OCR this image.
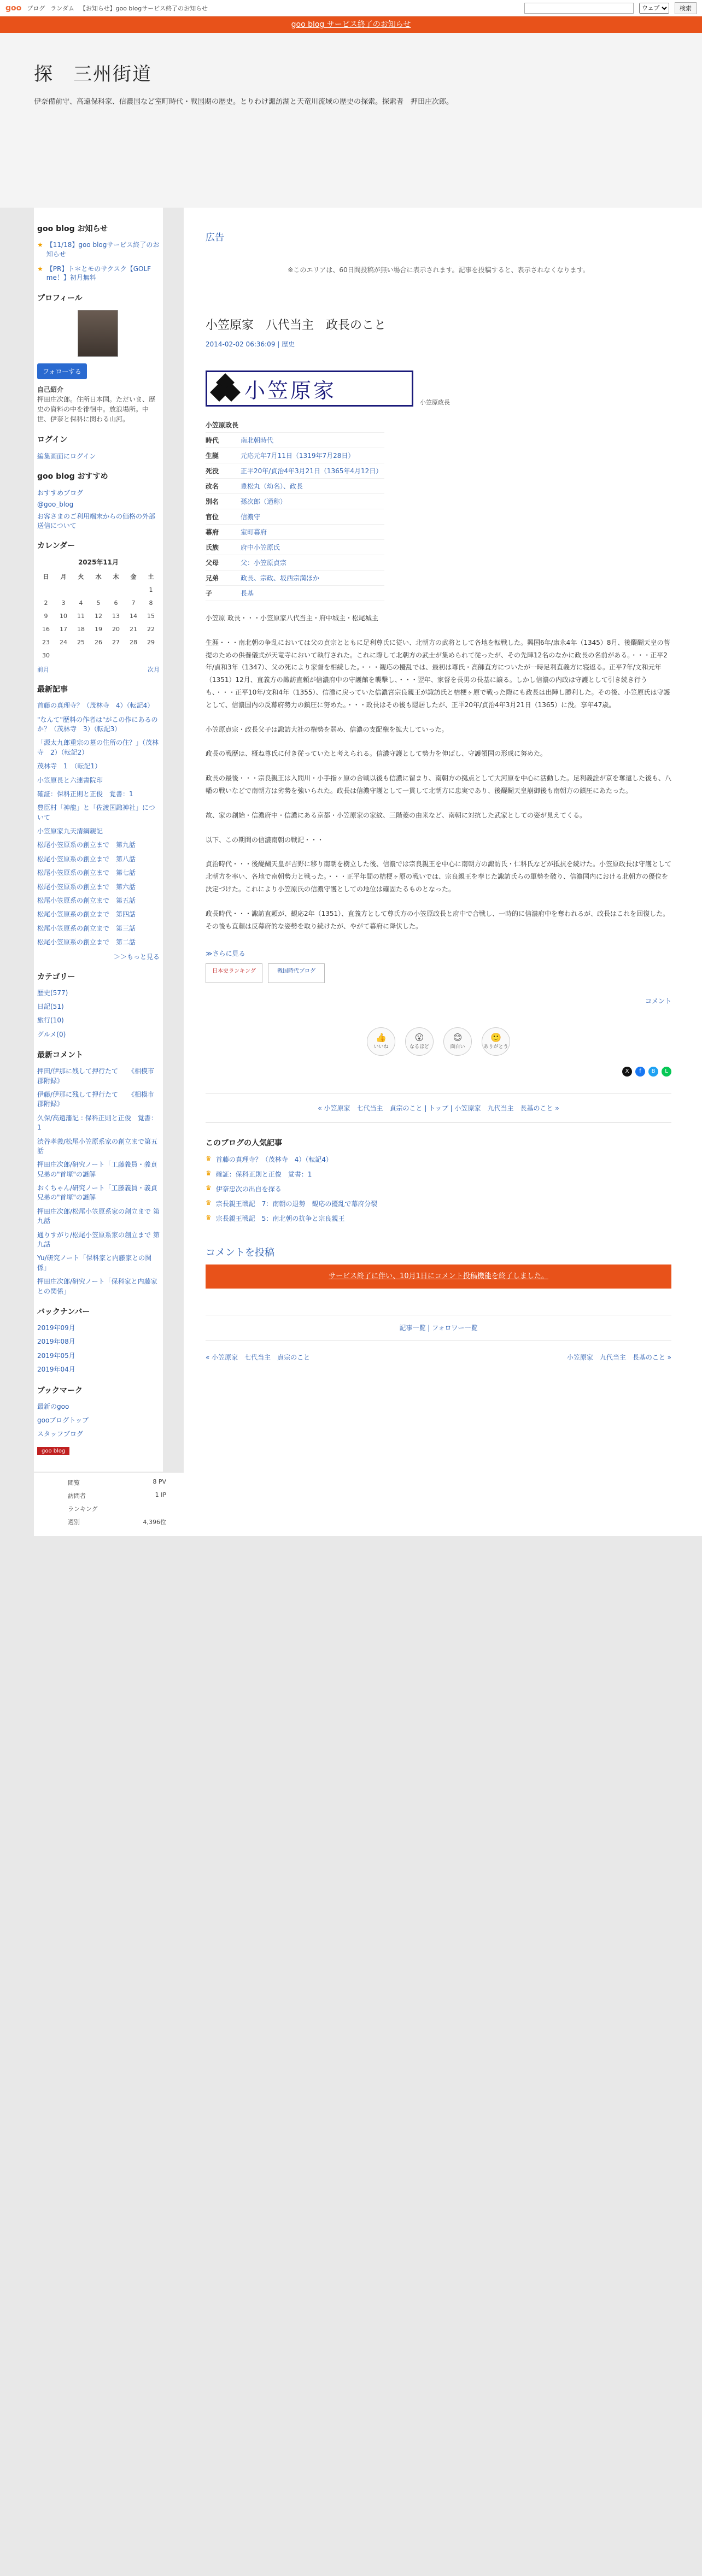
goo ブログ ランダム 【お知らせ】goo blogサービス終了のお知らせ
ウェブ	検索
goo blog サービス終了のお知らせ
探　三州街道

伊奈備前守、高遠保科家、信濃国など室町時代・戦国期の歴史。とりわけ諏訪湖と天竜川流域の歴史の探索。探索者　押田庄次郎。

goo blog お知らせ
★ 【11/18】goo blogサービス終了のお知らせ
★ 【PR】ト＊とモのサクスク【GOLF me！】初月無料
プロフィール
フォローする
自己紹介
押田庄次郎。住所日本国。ただいま、歴史の資料の中を徘徊中。放浪場所。中世、伊奈と保科に関わる山河。
ログイン
編集画面にログイン
goo blog おすすめ
おすすめブログ
@goo_blog
お客さまのご利用端末からの価格の外部送信について
カレンダー
2025年11月
日	月	火	水	木	金	土
						1
2	3	4	5	6	7	8
9	10	11	12	13	14	15
16	17	18	19	20	21	22
23	24	25	26	27	28	29
30						
前月	次月
最新記事
首藤の真理寺？（茂林寺　4）（転記4）
"なんて"歴料の作者は"がこの作にあるのか？（茂林寺　3）（転記3）
「源太九郎重宗の墓の住所の住？」（茂林寺　2）（転記2）
茂林寺　1　（転記1）
小笠原長と六連書院印
確証：保科正則と正俊　覚書：1
豊臣村「神龍」と「佐渡国諏神社」について
小笠原家九天清綱親記
松尾小笠原系の創立まで　第九話
松尾小笠原系の創立まで　第八話
松尾小笠原系の創立まで　第七話
松尾小笠原系の創立まで　第六話
松尾小笠原系の創立まで　第五話
松尾小笠原系の創立まで　第四話
松尾小笠原系の創立まで　第三話
松尾小笠原系の創立まで　第二話
＞＞もっと見る
カテゴリー
歴史(577)
日記(51)
旅行(10)
グルメ(0)
最新コメント
押田/伊那に残して押行たて　　《相模市郡附録》
伊藤/伊那に残して押行たて　　《相模市郡附録》
久保/高遠藩記 : 保科正則と正俊　覚書：1
渋谷孝義/松尾小笠原系家の創立まで第五話
押田庄次郎/研究ノート「工藤義員・義貞兄弟の"首塚"の謎解
おくちゃん/研究ノート「工藤義員・義貞兄弟の"首塚"の謎解
押田庄次郎/松尾小笠原系家の創立まで 第九話
通りすがり/松尾小笠原系家の創立まで 第九話
Yu/研究ノート「保科家と内藤家との関係」
押田庄次郎/研究ノート「保科家と内藤家との関係」
バックナンバー
2019年09月
2019年08月
2019年05月
2019年04月
ブックマーク
最新のgoo
gooブログトップ
スタッフブログ
goo blog
閲覧	8 PV
訪問者	1 IP
ランキング
週別	4,396位
広告
※このエリアは、60日間投稿が無い場合に表示されます。記事を投稿すると、表示されなくなります。
小笠原家　八代当主　政長のこと
2014-02-02 06:36:09 | 歴史
小笠原家	小笠原政長
小笠原政長	
時代	南北朝時代
生誕	元応元年7月11日（1319年7月28日）
死没	正平20年/貞治4年3月21日（1365年4月12日）
改名	豊松丸（幼名）、政長
別名	孫次郎（通称）
官位	信濃守
幕府	室町幕府
氏族	府中小笠原氏
父母	父：小笠原貞宗
兄弟	政長、宗政、坂西宗満ほか
子	長基

小笠原 政長・・・小笠原家八代当主・府中城主・松尾城主

生涯・・・南北朝の争乱においては父の貞宗とともに足利尊氏に従い、北朝方の武将として各地を転戦した。興国6年/康永4年（1345）8月、後醍醐天皇の菩提のための供養儀式が天竜寺において執行された。これに際して北朝方の武士が集められて従ったが、その先陣12名のなかに政長の名前がある。・・・正平2年/貞和3年（1347）、父の死により家督を相続した。・・・観応の擾乱では、最初は尊氏・高師直方についたが一時足利直義方に寝返る。正平7年/文和元年（1351）12月、直義方の諏訪直頼が信濃府中の守護館を襲撃し、・・・翌年、家督を長男の長基に譲る。しかし信濃の内政は守護として引き続き行うも、・・・正平10年/文和4年（1355）、信濃に戻っていた信濃宮宗良親王が諏訪氏と桔梗ヶ原で戦った際にも政長は出陣し勝利した。その後、小笠原氏は守護として、信濃国内の反幕府勢力の鎮圧に努めた。・・・政長はその後も隠居したが、正平20年/貞治4年3月21日（1365）に没。享年47歳。

小笠原貞宗・政長父子は諏訪大社の権勢を弱め、信濃の支配権を拡大していった。

政長の戦歴は、概ね尊氏に付き従っていたと考えられる。信濃守護として勢力を伸ばし、守護領国の形成に努めた。

政長の最後・・・宗良親王は入間川・小手指ヶ原の合戦以後も信濃に留まり、南朝方の拠点として大河原を中心に活動した。足利義詮が京を奪還した後も、八幡の戦いなどで南朝方は劣勢を強いられた。政長は信濃守護として一貫して北朝方に忠実であり、後醍醐天皇崩御後も南朝方の鎮圧にあたった。

故、家の創始・信濃府中・信濃にある京都・小笠原家の家紋、三階菱の由来など、南朝に対抗した武家としての姿が見えてくる。

以下、この期間の信濃南朝の戦記・・・

貞治時代・・・後醍醐天皇が吉野に移り南朝を樹立した後、信濃では宗良親王を中心に南朝方の諏訪氏・仁科氏などが抵抗を続けた。小笠原政長は守護として北朝方を率い、各地で南朝勢力と戦った。・・・正平年間の桔梗ヶ原の戦いでは、宗良親王を奉じた諏訪氏らの軍勢を破り、信濃国内における北朝方の優位を決定づけた。これにより小笠原氏の信濃守護としての地位は確固たるものとなった。

政長時代・・・諏訪直頼が、観応2年（1351）、直義方として尊氏方の小笠原政長と府中で合戦し、一時的に信濃府中を奪われるが、政長はこれを回復した。その後も直頼は反幕府的な姿勢を取り続けたが、やがて幕府に降伏した。

≫さらに見る
日本史ランキング	戦国時代ブログ
コメント
👍
いいね
😮
なるほど
😊
面白い
🙂
ありがとう
X	f	B	L
« 小笠原家　七代当主　貞宗のこと | トップ | 小笠原家　九代当主　長基のこと »
このブログの人気記事
♛ 首藤の真理寺？（茂林寺　4）（転記4）
♛ 確証：保科正則と正俊　覚書：1
♛ 伊奈忠次の出自を探る
♛ 宗長親王戦記　7：南朝の退勢　観応の擾乱で幕府分裂
♛ 宗長親王戦記　5：南北朝の抗争と宗良親王
コメントを投稿
サービス終了に伴い、10月1日にコメント投稿機能を終了しました。
記事一覧 | フォロワー一覧
« 小笠原家　七代当主　貞宗のこと	小笠原家　九代当主　長基のこと »
